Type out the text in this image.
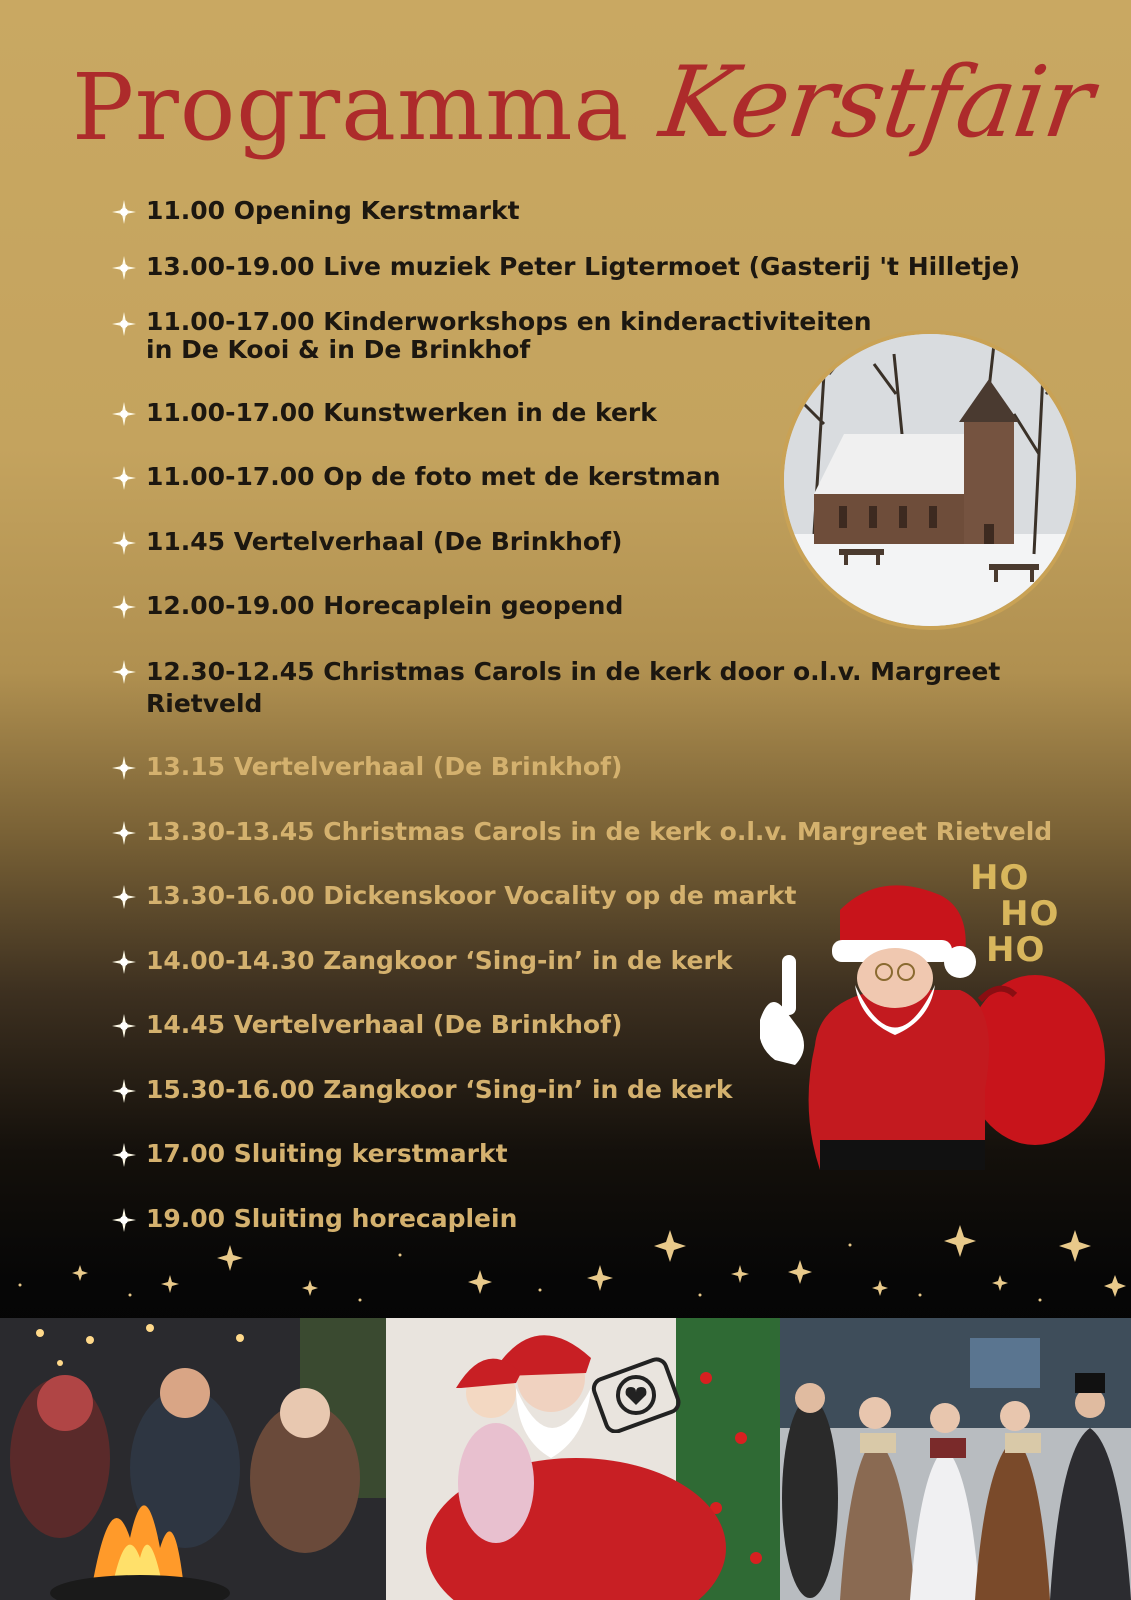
Programma Kerstfair
11.00 Opening Kerstmarkt
13.00-19.00 Live muziek Peter Ligtermoet (Gasterij 't Hilletje)
11.00-17.00 Kinderworkshops en kinderactiviteiten
in De Kooi & in De Brinkhof
11.00-17.00 Kunstwerken in de kerk
11.00-17.00 Op de foto met de kerstman
11.45 Vertelverhaal (De Brinkhof)
12.00-19.00 Horecaplein geopend
12.30-12.45 Christmas Carols in de kerk door o.l.v. Margreet
Rietveld
13.15 Vertelverhaal (De Brinkhof)
13.30-13.45 Christmas Carols in de kerk o.l.v. Margreet Rietveld
13.30-16.00 Dickenskoor Vocality op de markt
14.00-14.30 Zangkoor ‘Sing-in’ in de kerk
14.45 Vertelverhaal (De Brinkhof)
15.30-16.00 Zangkoor ‘Sing-in’ in de kerk
17.00 Sluiting kerstmarkt
19.00 Sluiting horecaplein
HO
HO
HO
